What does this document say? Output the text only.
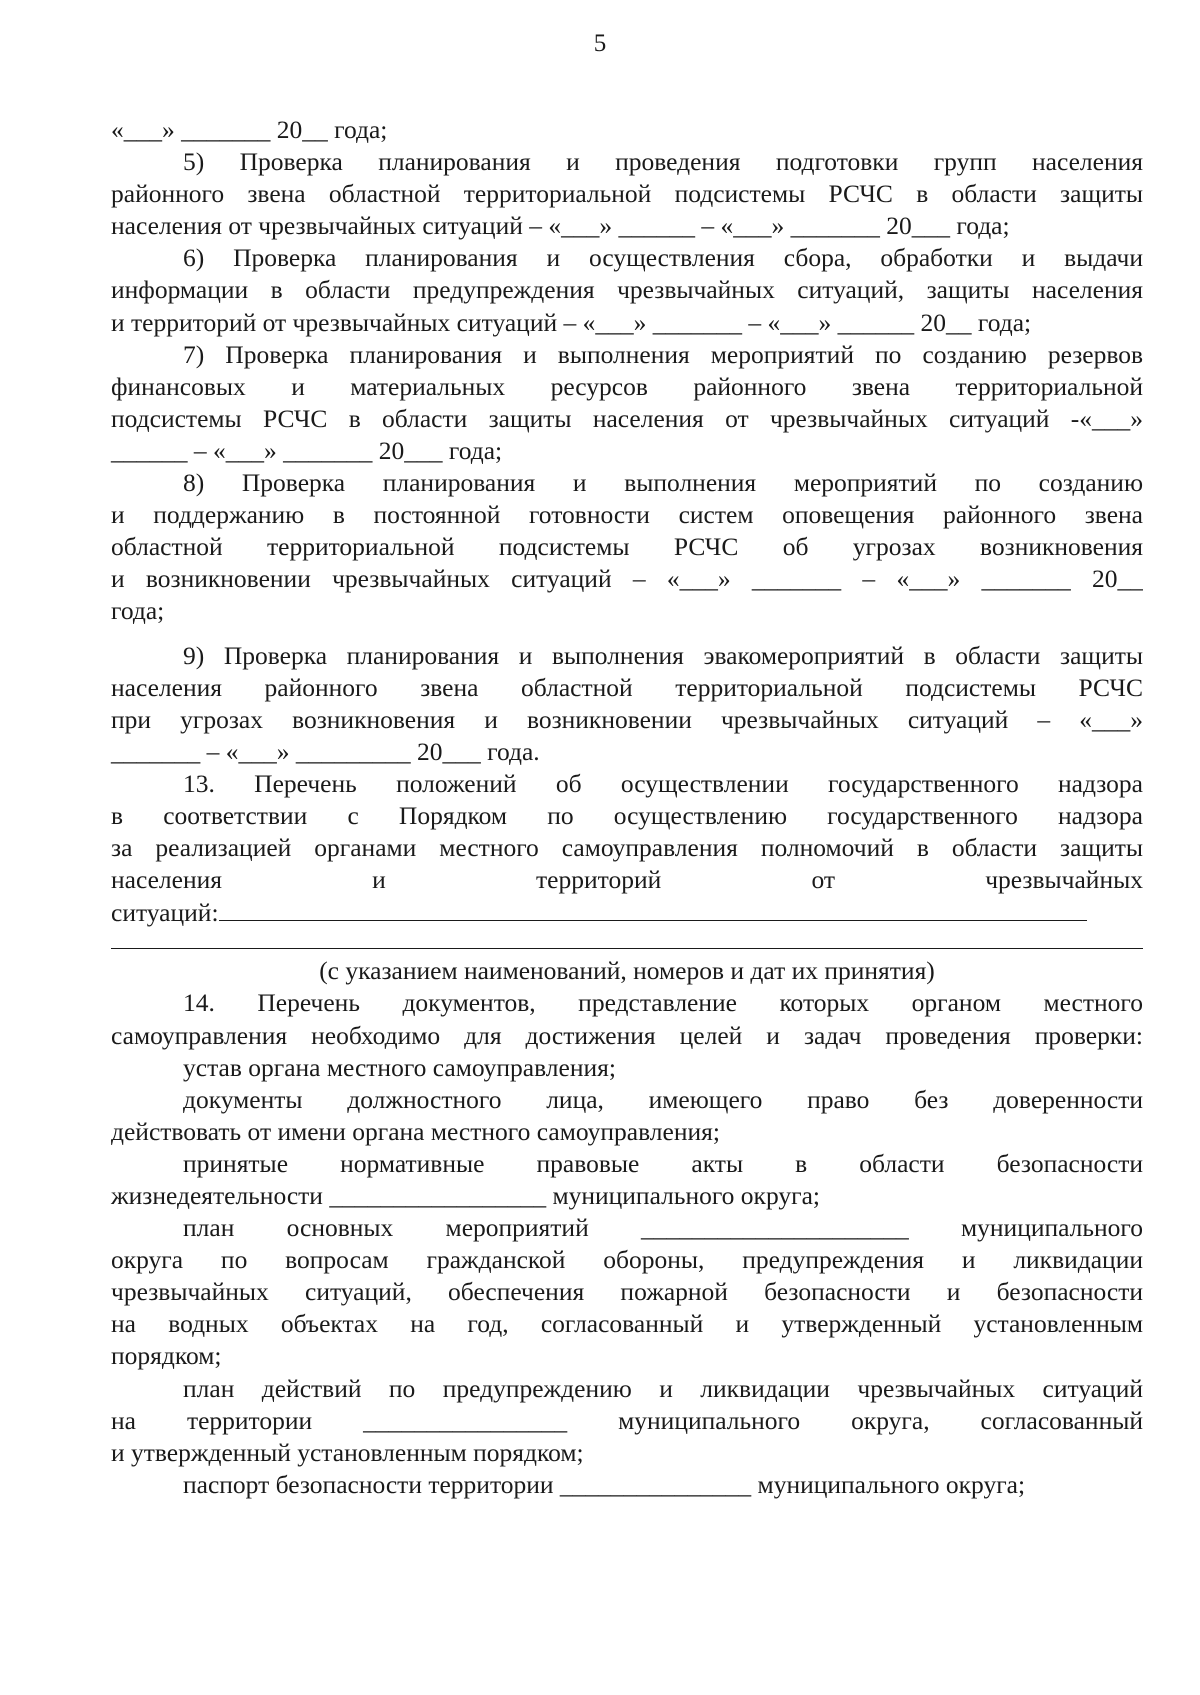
5
«___» _______ 20__ года;
5) Проверка планирования и проведения подготовки групп населения
районного звена областной территориальной подсистемы РСЧС в области защиты
населения от чрезвычайных ситуаций – «___» ______ – «___» _______ 20___ года;
6) Проверка планирования и осуществления сбора, обработки и выдачи
информации в области предупреждения чрезвычайных ситуаций, защиты населения
и территорий от чрезвычайных ситуаций – «___» _______ – «___» ______ 20__ года;
7) Проверка планирования и выполнения мероприятий по созданию резервов
финансовых и материальных ресурсов районного звена территориальной
подсистемы РСЧС в области защиты населения от чрезвычайных ситуаций -«___»
______ – «___» _______ 20___ года;
8) Проверка планирования и выполнения мероприятий по созданию
и поддержанию в постоянной готовности систем оповещения районного звена
областной территориальной подсистемы РСЧС об угрозах возникновения
и возникновении чрезвычайных ситуаций – «___» _______ – «___» _______ 20__
года;
9) Проверка планирования и выполнения эвакомероприятий в области защиты
населения районного звена областной территориальной подсистемы РСЧС
при угрозах возникновения и возникновении чрезвычайных ситуаций – «___»
_______ – «___» _________ 20___ года.
13. Перечень положений об осуществлении государственного надзора
в соответствии с Порядком по осуществлению государственного надзора
за реализацией органами местного самоуправления полномочий в области защиты
населения и территорий от чрезвычайных
ситуаций:
(с указанием наименований, номеров и дат их принятия)
14. Перечень документов, представление которых органом местного
самоуправления необходимо для достижения целей и задач проведения проверки:
устав органа местного самоуправления;
документы должностного лица, имеющего право без доверенности
действовать от имени органа местного самоуправления;
принятые нормативные правовые акты в области безопасности
жизнедеятельности _________________ муниципального округа;
план основных мероприятий _____________________ муниципального
округа по вопросам гражданской обороны, предупреждения и ликвидации
чрезвычайных ситуаций, обеспечения пожарной безопасности и безопасности
на водных объектах на год, согласованный и утвержденный установленным
порядком;
план действий по предупреждению и ликвидации чрезвычайных ситуаций
на территории ________________ муниципального округа, согласованный
и утвержденный установленным порядком;
паспорт безопасности территории _______________ муниципального округа;
